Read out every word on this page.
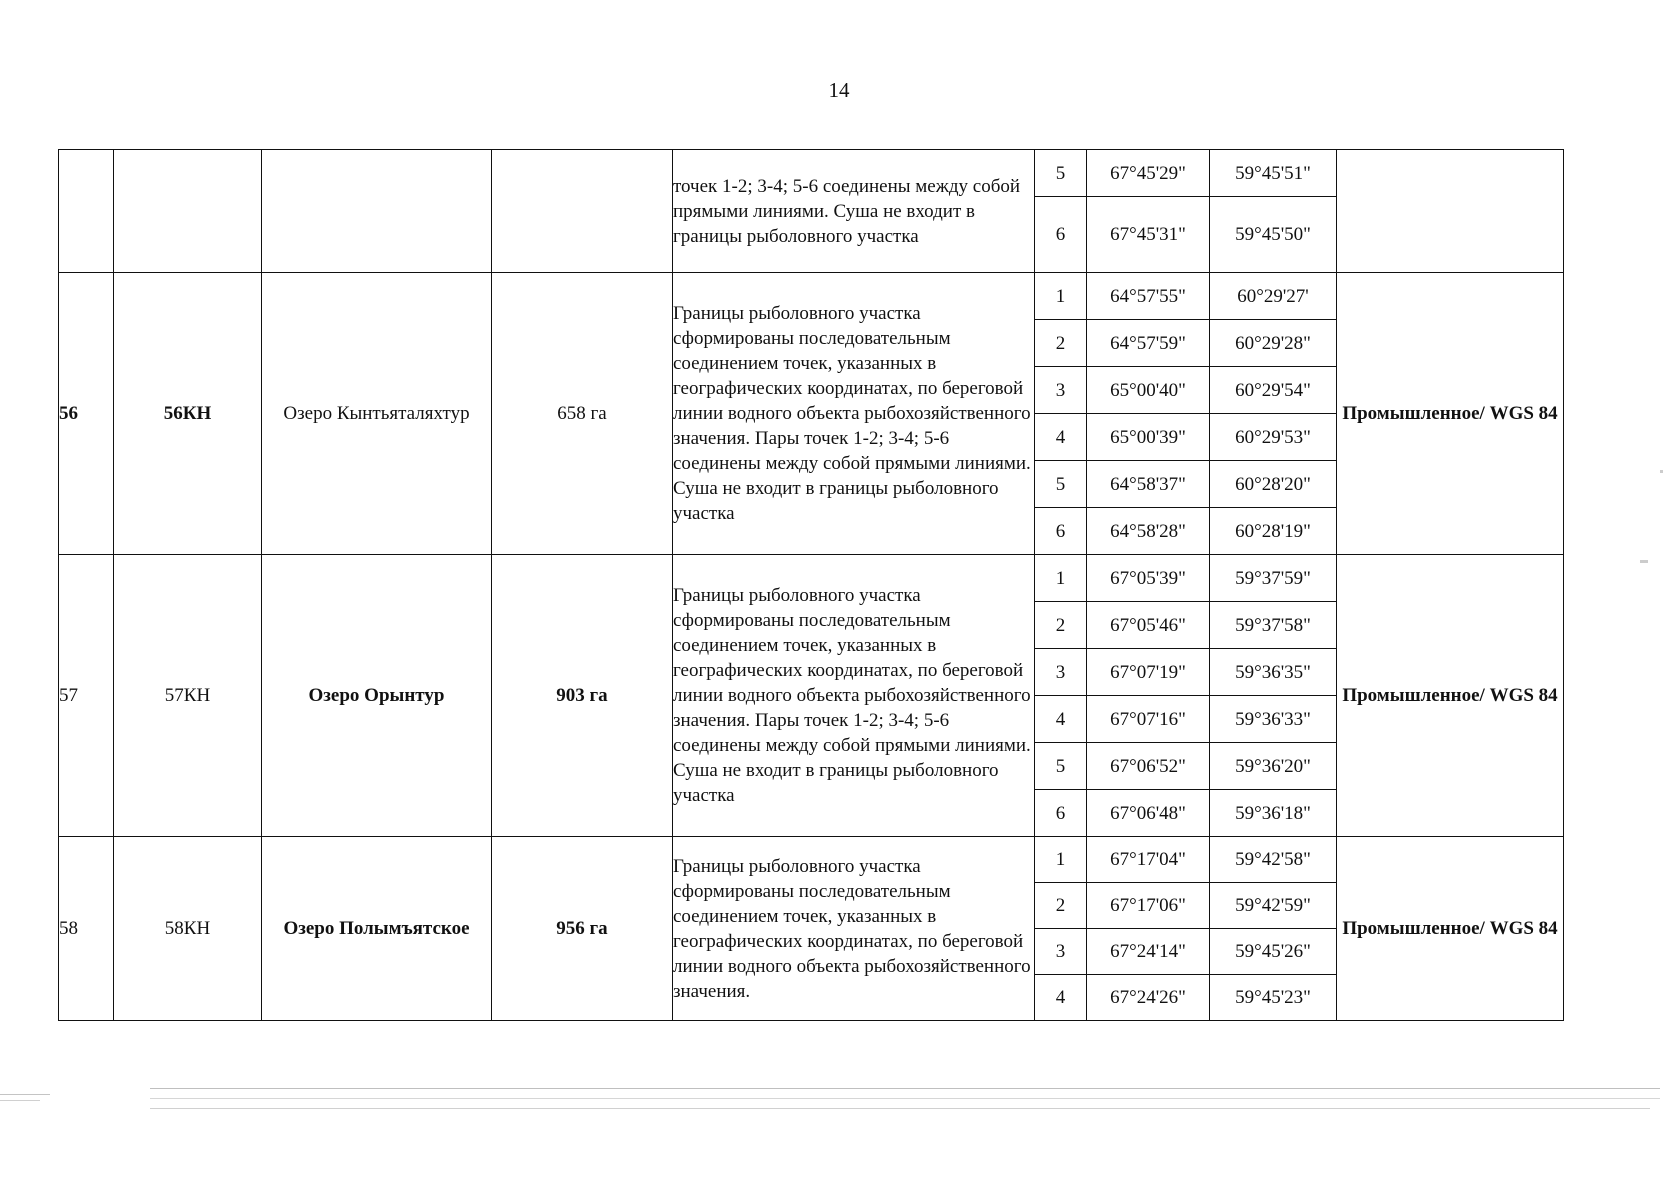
14
				точек 1-2; 3-4; 5-6 соединены между собой прямыми линиями. Суша не входит в границы рыболовного участка	5	67°45'29"	59°45'51"	
					6	67°45'31"	59°45'50"	
56	56КН	Озеро Кынтьяталяхтур	658 га	Границы рыболовного участка сформированы последовательным соединением точек, указанных в географических координатах, по береговой линии водного объекта рыбохозяйственного значения. Пары точек 1-2; 3-4; 5-6 соединены между собой прямыми линиями. Суша не входит в границы рыболовного участка	1	64°57'55"	60°29'27'	Промышленное/ WGS 84
					2	64°57'59"	60°29'28"	
					3	65°00'40"	60°29'54"	
					4	65°00'39"	60°29'53"	
					5	64°58'37"	60°28'20"	
					6	64°58'28"	60°28'19"	
57	57КН	Озеро Орынтур	903 га	Границы рыболовного участка сформированы последовательным соединением точек, указанных в географических координатах, по береговой линии водного объекта рыбохозяйственного значения. Пары точек 1-2; 3-4; 5-6 соединены между собой прямыми линиями. Суша не входит в границы рыболовного участка	1	67°05'39"	59°37'59"	Промышленное/ WGS 84
					2	67°05'46"	59°37'58"	
					3	67°07'19"	59°36'35"	
					4	67°07'16"	59°36'33"	
					5	67°06'52"	59°36'20"	
					6	67°06'48"	59°36'18"	
58	58КН	Озеро Полымъятское	956 га	Границы рыболовного участка сформированы последовательным соединением точек, указанных в географических координатах, по береговой линии водного объекта рыбохозяйственного значения.	1	67°17'04"	59°42'58"	Промышленное/ WGS 84
					2	67°17'06"	59°42'59"	
					3	67°24'14"	59°45'26"	
					4	67°24'26"	59°45'23"	
